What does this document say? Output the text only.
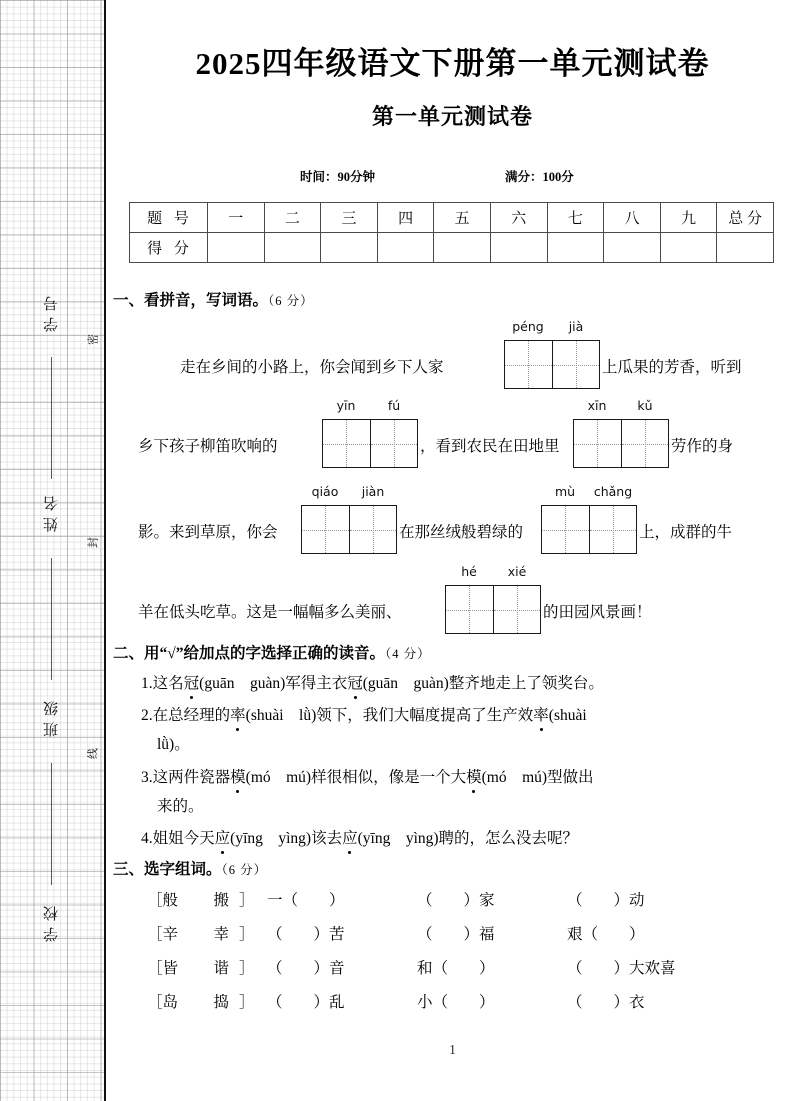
密
封
线
学号
姓名
班级
学校
2025四年级语文下册第一单元测试卷
第一单元测试卷
时间：90分钟	满分：100分
题 号	一	二	三	四	五	六	七	八	九	总 分
得 分										
一、看拼音，写词语。（6 分）
走在乡间的小路上，你会闻到乡下人家
péng	jià
上瓜果的芳香，听到
乡下孩子柳笛吹响的
yīn	fú
，看到农民在田地里
xīn	kǔ
劳作的身
影。来到草原，你会
qiáo	jiàn
在那丝绒般碧绿的
mù	chǎng
上，成群的牛
羊在低头吃草。这是一幅幅多么美丽、
hé	xié
的田园风景画！
二、用“√”给加点的字选择正确的读音。（4 分）
1.这名冠(guān　guàn)军得主衣冠(guān　guàn)整齐地走上了领奖台。
2.在总经理的率(shuài　lǜ)领下，我们大幅度提高了生产效率(shuài
lǜ)。
3.这两件瓷器模(mó　mú)样很相似，像是一个大模(mó　mú)型做出
来的。
4.姐姐今天应(yīng　yìng)该去应(yīng　yìng)聘的，怎么没去呢？
三、选字组词。（6 分）
［般　搬］ 一（　　）	（　　）家	（　　）动
［辛　幸］ （　　）苦	（　　）福	艰（　　）
［皆　谐］ （　　）音	和（　　）	（　　）大欢喜
［岛　捣］ （　　）乱	小（　　）	（　　）衣
1
